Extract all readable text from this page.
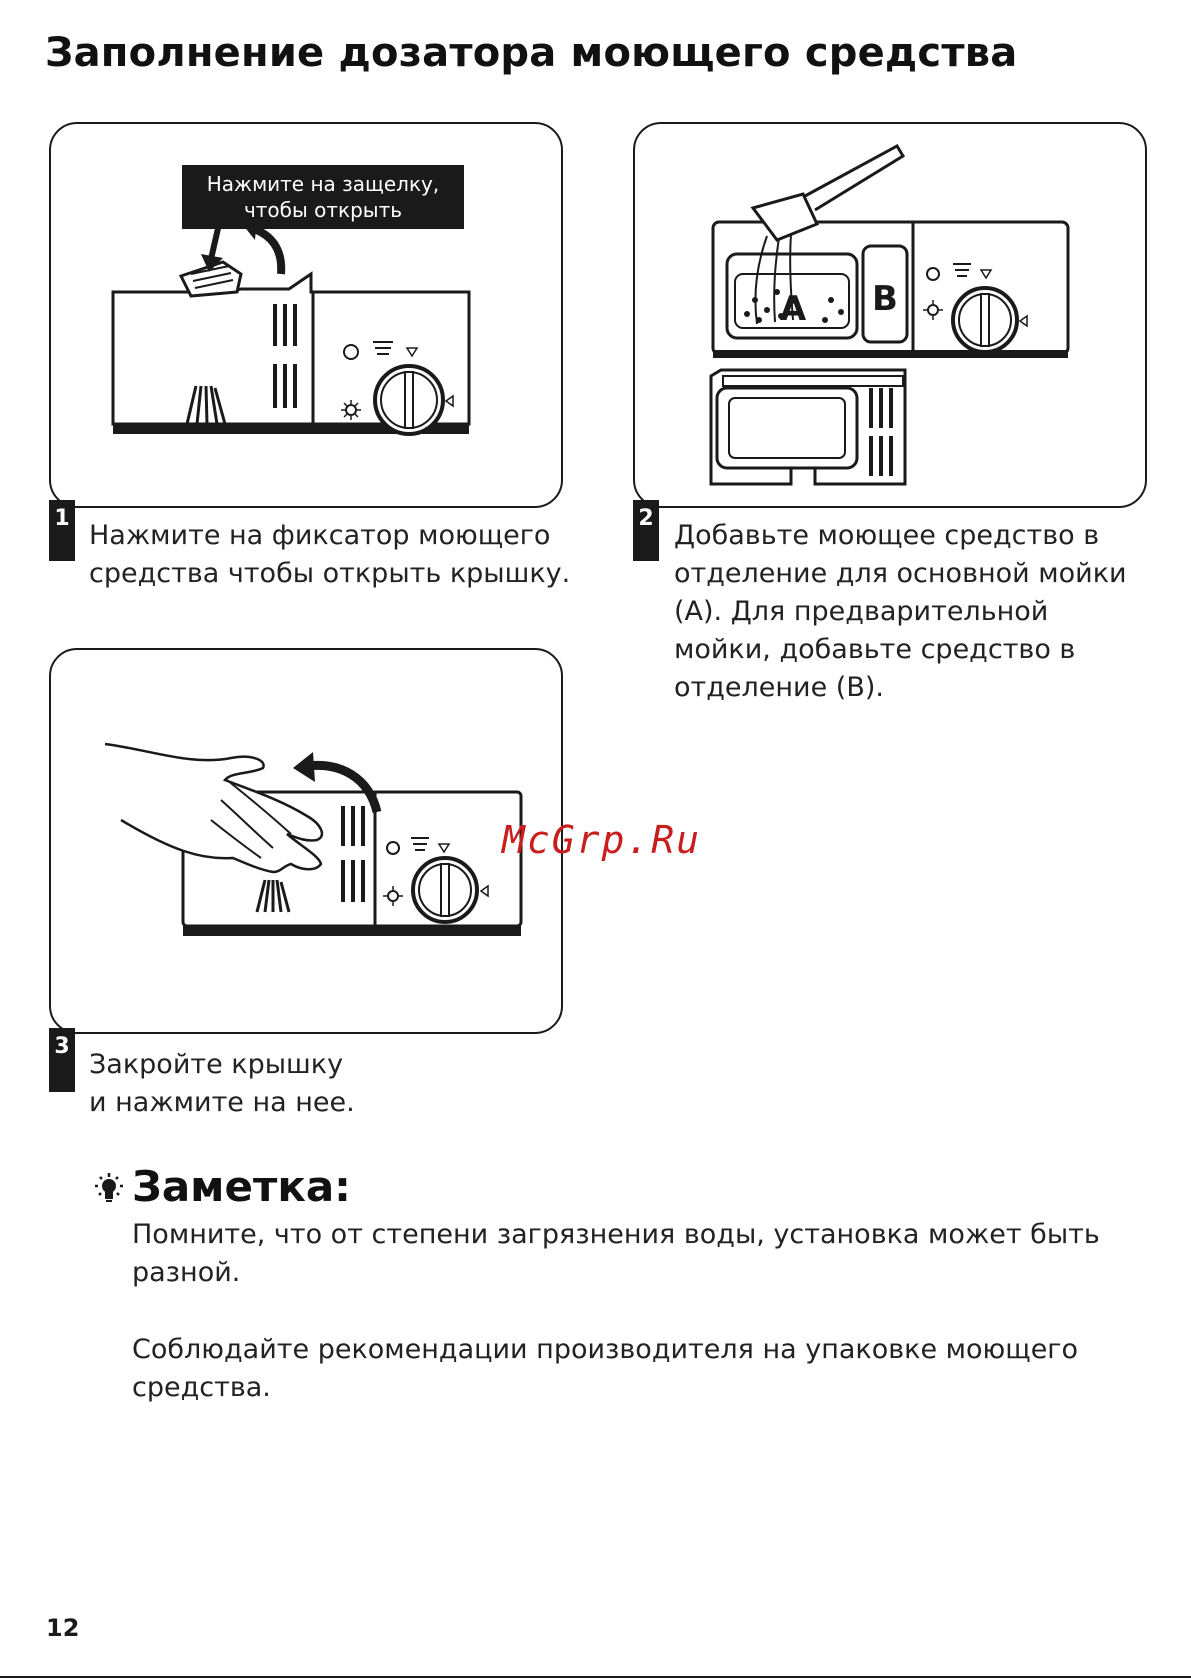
Заполнение дозатора моющего средства
Нажмите на защелку,
чтобы открыть
1

Нажмите на фиксатор моющего
средства чтобы открыть крышку.

A B
2

Добавьте моющее средство в
отделение для основной мойки
(A). Для предварительной
мойки, добавьте средство в
отделение (B).

3

Закройте крышку
и нажмите на нее.

McGrp.Ru
Заметка:

Помните, что от степени загрязнения воды, установка может быть
разной.

Соблюдайте рекомендации производителя на упаковке моющего
средства.

12
